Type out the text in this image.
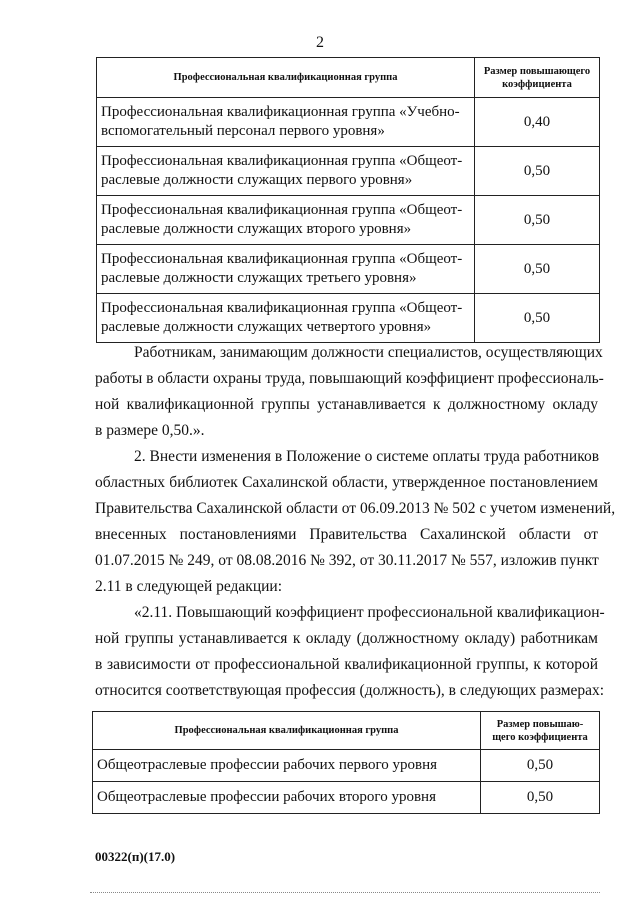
2
Профессиональная квалификационная группа	Размер повышающего
коэффициента
Профессиональная квалификационная группа «Учебно-
вспомогательный персонал первого уровня»	0,40
Профессиональная квалификационная группа «Общеот-
раслевые должности служащих первого уровня»	0,50
Профессиональная квалификационная группа «Общеот-
раслевые должности служащих второго уровня»	0,50
Профессиональная квалификационная группа «Общеот-
раслевые должности служащих третьего уровня»	0,50
Профессиональная квалификационная группа «Общеот-
раслевые должности служащих четвертого уровня»	0,50
Работникам, занимающим должности специалистов, осуществляющих
работы в области охраны труда, повышающий коэффициент профессиональ-
ной квалификационной группы устанавливается к должностному окладу
в размере 0,50.».
2. Внести изменения в Положение о системе оплаты труда работников
областных библиотек Сахалинской области, утвержденное постановлением
Правительства Сахалинской области от 06.09.2013 № 502 с учетом изменений,
внесенных постановлениями Правительства Сахалинской области от
01.07.2015 № 249, от 08.08.2016 № 392, от 30.11.2017 № 557, изложив пункт
2.11 в следующей редакции:
«2.11. Повышающий коэффициент профессиональной квалификацион-
ной группы устанавливается к окладу (должностному окладу) работникам
в зависимости от профессиональной квалификационной группы, к которой
относится соответствующая профессия (должность), в следующих размерах:
Профессиональная квалификационная группа	Размер повышаю-
щего коэффициента
Общеотраслевые профессии рабочих первого уровня	0,50
Общеотраслевые профессии рабочих второго уровня	0,50
00322(п)(17.0)
